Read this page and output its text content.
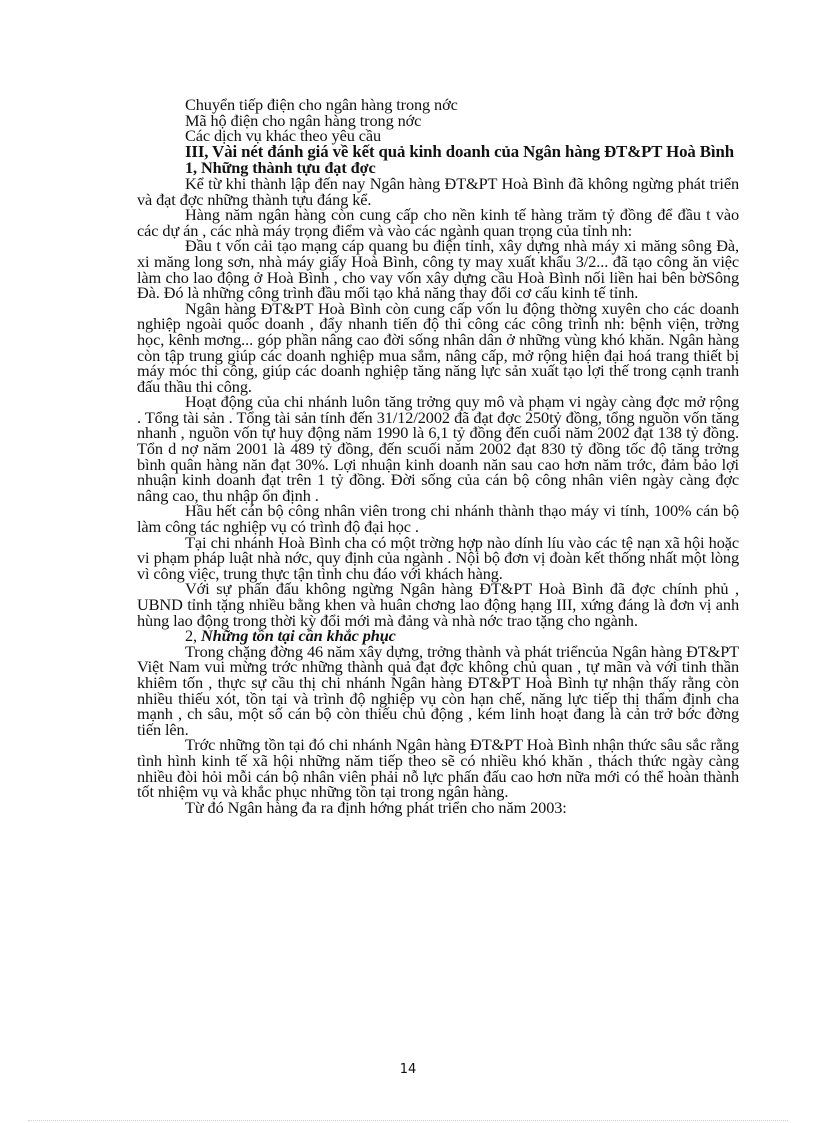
Chuyển tiếp điện cho ngân hàng trong nớc

Mã hộ điện cho ngân hàng trong nớc

Các dịch vụ khác theo yêu cầu

III, Vài nét đánh giá về kết quả kinh doanh của Ngân hàng ĐT&PT Hoà Bình

1, Những thành tựu đạt đợc

Kể từ khi thành lập đến nay Ngân hàng ĐT&PT Hoà Bình đã không ngừng phát triển và đạt đợc những thành tựu đáng kể.

Hàng năm ngân hàng còn cung cấp cho nền kinh tế hàng trăm tỷ đồng để đầu t vào các dự án , các nhà máy trọng điểm và vào các ngành quan trọng của tỉnh nh:

Đầu t vốn cải tạo mạng cáp quang bu điện tỉnh, xây dựng nhà máy xi măng sông Đà, xi măng long sơn, nhà máy giấy Hoà Bình, công ty may xuất khẩu 3/2... đã tạo công ăn việc làm cho lao động ở Hoà Bình , cho vay vốn xây dựng cầu Hoà Bình nối liền hai bên bờSông Đà. Đó là những công trình đầu mối tạo khả năng thay đổi cơ cấu kinh tế tỉnh.

Ngân hàng ĐT&PT Hoà Bình còn cung cấp vốn lu động thờng xuyên cho các doanh nghiệp ngoài quốc doanh , đẩy nhanh tiến độ thi công các công trình nh: bệnh viện, trờng học, kênh mơng... góp phần nâng cao đời sống nhân dân ở những vùng khó khăn. Ngân hàng còn tập trung giúp các doanh nghiệp mua sắm, nâng cấp, mở rộng hiện đại hoá trang thiết bị máy móc thi công, giúp các doanh nghiệp tăng năng lực sản xuất tạo lợi thế trong cạnh tranh đấu thầu thi công.

Hoạt động của chi nhánh luôn tăng trởng quy mô và phạm vi ngày càng đợc mở rộng . Tổng tài sản . Tổng tài sản tính đến 31/12/2002 đã đạt đợc 250tỷ đồng, tổng nguồn vốn tăng nhanh , nguồn vốn tự huy động năm 1990 là 6,1 tỷ đồng đến cuối năm 2002 đạt 138 tỷ đồng. Tổn d nợ năm 2001 là 489 tỷ đồng, đến scuối năm 2002 đạt 830 tỷ đồng tốc độ tăng trởng bình quân hàng năn đạt 30%. Lợi nhuận kinh doanh năn sau cao hơn năm trớc, đảm bảo lợi nhuận kinh doanh đạt trên 1 tỷ đồng. Đời sống của cán bộ công nhân viên ngày càng đợc nâng cao, thu nhập ổn định .

Hầu hết cán bộ công nhân viên trong chi nhánh thành thạo máy vi tính, 100% cán bộ làm công tác nghiệp vụ có trình độ đại học .

Tại chi nhánh Hoà Bình cha có một trờng hợp nào dính líu vào các tệ nạn xã hội hoặc vi phạm pháp luật nhà nớc, quy định của ngành . Nội bộ đơn vị đoàn kết thống nhất một lòng vì công việc, trung thực tận tình chu đáo với khách hàng.

Với sự phấn đấu không ngừng Ngân hàng ĐT&PT Hoà Bình đã đợc chính phủ , UBND tỉnh tặng nhiều bằng khen và huân chơng lao động hạng III, xứng đáng là đơn vị anh hùng lao động trong thời kỳ đổi mới mà đảng và nhà nớc trao tặng cho ngành.

2, Những tồn tại cần khắc phục

Trong chặng đờng 46 năm xây dựng, trởng thành và phát triểncủa Ngân hàng ĐT&PT Việt Nam vui mừng trớc những thành quả đạt đợc không chủ quan , tự mãn và với tinh thần khiêm tốn , thực sự cầu thị chi nhánh Ngân hàng ĐT&PT Hoà Bình tự nhận thấy rằng còn nhiều thiếu xót, tồn tại và trình độ nghiệp vụ còn hạn chế, năng lực tiếp thị thẩm định cha mạnh , ch sâu, một số cán bộ còn thiếu chủ động , kém linh hoạt đang là cản trở bớc đờng tiến lên.

Trớc những tồn tại đó chi nhánh Ngân hàng ĐT&PT Hoà Bình nhận thức sâu sắc rằng tình hình kinh tế xã hội những năm tiếp theo sẽ có nhiều khó khăn , thách thức ngày càng nhiều đòi hỏi mỗi cán bộ nhân viên phải nỗ lực phấn đấu cao hơn nữa mới có thể hoàn thành tốt nhiệm vụ và khắc phục những tồn tại trong ngân hàng.

Từ đó Ngân hàng đa ra định hớng phát triển cho năm 2003:

14
